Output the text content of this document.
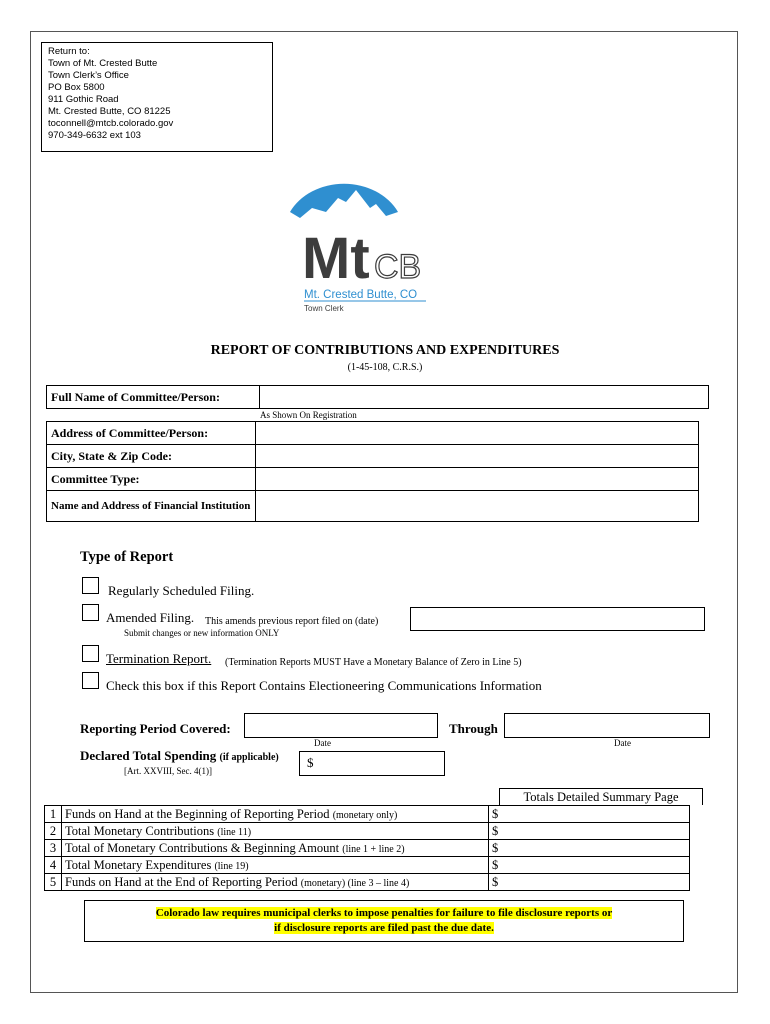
Return to:
Town of Mt. Crested Butte
Town Clerk’s Office
PO Box 5800
911 Gothic Road
Mt. Crested Butte, CO 81225
toconnell@mtcb.colorado.gov
970-349-6632 ext 103
Mt CB
Mt. Crested Butte, CO
Town Clerk
REPORT OF CONTRIBUTIONS AND EXPENDITURES
(1-45-108, C.R.S.)
Full Name of Committee/Person:	
As Shown On Registration
Address of Committee/Person:	
City, State & Zip Code:	
Committee Type:	
Name and Address of Financial Institution	
Type of Report
Regularly Scheduled Filing.
Amended Filing. This amends previous report filed on (date)
Submit changes or new information ONLY
Termination Report. (Termination Reports MUST Have a Monetary Balance of Zero in Line 5)
Check this box if this Report Contains Electioneering Communications Information
Reporting Period Covered:	Through
Date	Date
Declared Total Spending (if applicable)
[Art. XXVIII, Sec. 4(1)]
$
Totals Detailed Summary Page
1	Funds on Hand at the Beginning of Reporting Period (monetary only)	$
2	Total Monetary Contributions (line 11)	$
3	Total of Monetary Contributions & Beginning Amount (line 1 + line 2)	$
4	Total Monetary Expenditures (line 19)	$
5	Funds on Hand at the End of Reporting Period (monetary) (line 3 – line 4)	$
Colorado law requires municipal clerks to impose penalties for failure to file disclosure reports or
if disclosure reports are filed past the due date.
